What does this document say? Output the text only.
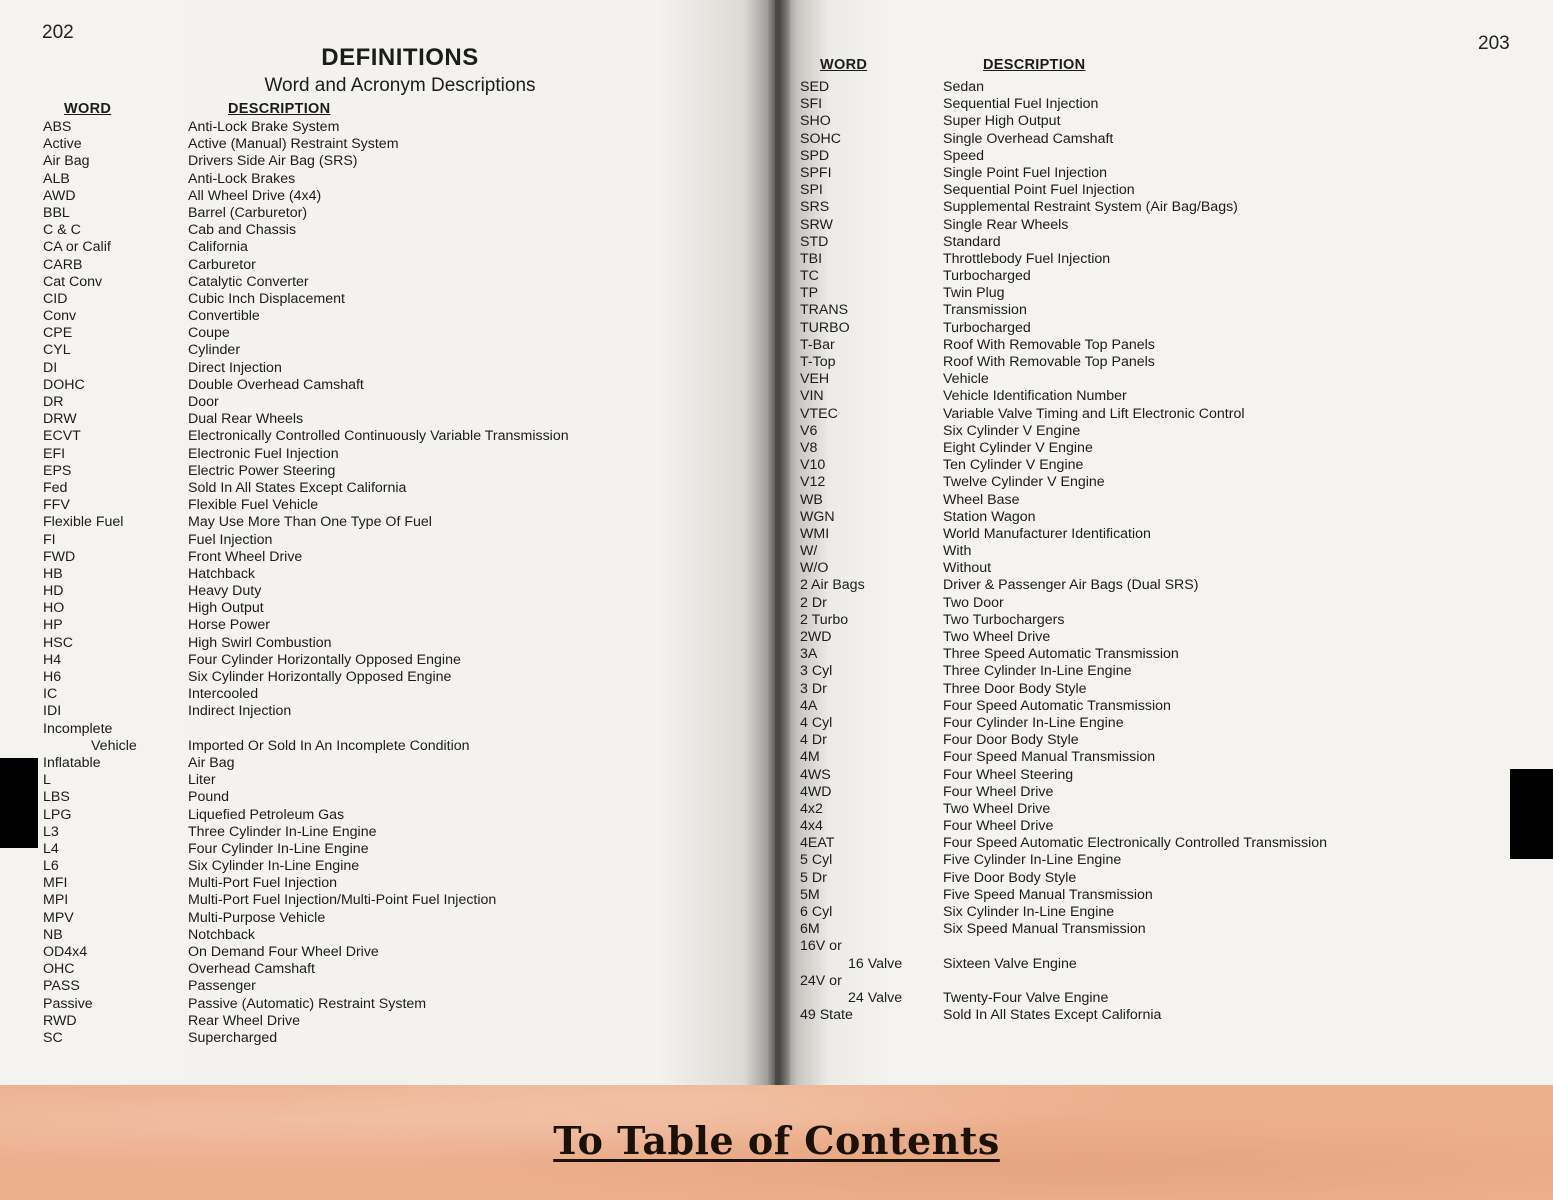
202
DEFINITIONS
Word and Acronym Descriptions
WORD	DESCRIPTION
ABS	Anti-Lock Brake System
Active	Active (Manual) Restraint System
Air Bag	Drivers Side Air Bag (SRS)
ALB	Anti-Lock Brakes
AWD	All Wheel Drive (4x4)
BBL	Barrel (Carburetor)
C & C	Cab and Chassis
CA or Calif	California
CARB	Carburetor
Cat Conv	Catalytic Converter
CID	Cubic Inch Displacement
Conv	Convertible
CPE	Coupe
CYL	Cylinder
DI	Direct Injection
DOHC	Double Overhead Camshaft
DR	Door
DRW	Dual Rear Wheels
ECVT	Electronically Controlled Continuously Variable Transmission
EFI	Electronic Fuel Injection
EPS	Electric Power Steering
Fed	Sold In All States Except California
FFV	Flexible Fuel Vehicle
Flexible Fuel	May Use More Than One Type Of Fuel
FI	Fuel Injection
FWD	Front Wheel Drive
HB	Hatchback
HD	Heavy Duty
HO	High Output
HP	Horse Power
HSC	High Swirl Combustion
H4	Four Cylinder Horizontally Opposed Engine
H6	Six Cylinder Horizontally Opposed Engine
IC	Intercooled
IDI	Indirect Injection
Incomplete
Vehicle	Imported Or Sold In An Incomplete Condition
Inflatable	Air Bag
L	Liter
LBS	Pound
LPG	Liquefied Petroleum Gas
L3	Three Cylinder In-Line Engine
L4	Four Cylinder In-Line Engine
L6	Six Cylinder In-Line Engine
MFI	Multi-Port Fuel Injection
MPI	Multi-Port Fuel Injection/Multi-Point Fuel Injection
MPV	Multi-Purpose Vehicle
NB	Notchback
OD4x4	On Demand Four Wheel Drive
OHC	Overhead Camshaft
PASS	Passenger
Passive	Passive (Automatic) Restraint System
RWD	Rear Wheel Drive
SC	Supercharged
203
WORD	DESCRIPTION
SED	Sedan
SFI	Sequential Fuel Injection
SHO	Super High Output
SOHC	Single Overhead Camshaft
SPD	Speed
SPFI	Single Point Fuel Injection
SPI	Sequential Point Fuel Injection
SRS	Supplemental Restraint System (Air Bag/Bags)
SRW	Single Rear Wheels
STD	Standard
TBI	Throttlebody Fuel Injection
TC	Turbocharged
TP	Twin Plug
TRANS	Transmission
TURBO	Turbocharged
T-Bar	Roof With Removable Top Panels
T-Top	Roof With Removable Top Panels
VEH	Vehicle
VIN	Vehicle Identification Number
VTEC	Variable Valve Timing and Lift Electronic Control
V6	Six Cylinder V Engine
V8	Eight Cylinder V Engine
V10	Ten Cylinder V Engine
V12	Twelve Cylinder V Engine
WB	Wheel Base
WGN	Station Wagon
WMI	World Manufacturer Identification
W/	With
W/O	Without
2 Air Bags	Driver & Passenger Air Bags (Dual SRS)
2 Dr	Two Door
2 Turbo	Two Turbochargers
2WD	Two Wheel Drive
3A	Three Speed Automatic Transmission
3 Cyl	Three Cylinder In-Line Engine
3 Dr	Three Door Body Style
4A	Four Speed Automatic Transmission
4 Cyl	Four Cylinder In-Line Engine
4 Dr	Four Door Body Style
4M	Four Speed Manual Transmission
4WS	Four Wheel Steering
4WD	Four Wheel Drive
4x2	Two Wheel Drive
4x4	Four Wheel Drive
4EAT	Four Speed Automatic Electronically Controlled Transmission
5 Cyl	Five Cylinder In-Line Engine
5 Dr	Five Door Body Style
5M	Five Speed Manual Transmission
6 Cyl	Six Cylinder In-Line Engine
6M	Six Speed Manual Transmission
16V or
16 Valve	Sixteen Valve Engine
24V or
24 Valve	Twenty-Four Valve Engine
49 State	Sold In All States Except California
To Table of Contents
